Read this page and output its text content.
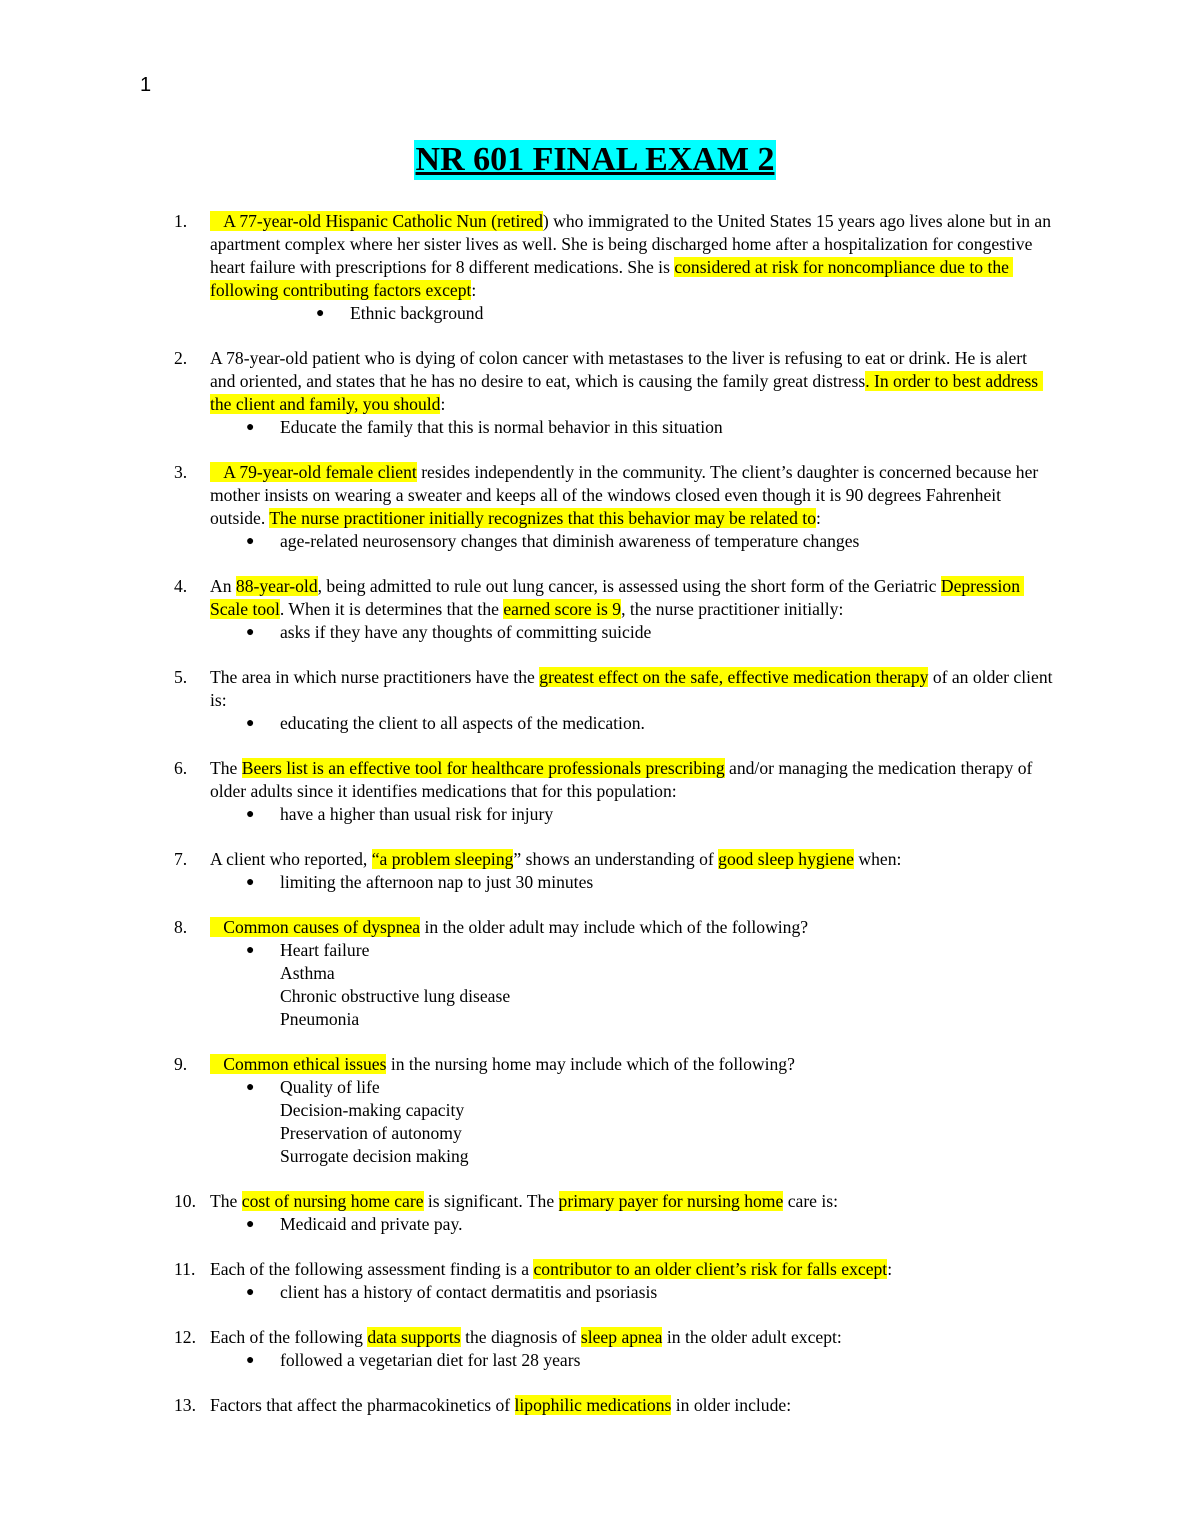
1
NR 601 FINAL EXAM 2
1. A 77-year-old Hispanic Catholic Nun (retired) who immigrated to the United States 15 years ago lives alone but in an apartment complex where her sister lives as well. She is being discharged home after a hospitalization for congestive heart failure with prescriptions for 8 different medications. She is considered at risk for noncompliance due to the following contributing factors except:
● Ethnic background
2. A 78-year-old patient who is dying of colon cancer with metastases to the liver is refusing to eat or drink. He is alert and oriented, and states that he has no desire to eat, which is causing the family great distress. In order to best address the client and family, you should:
● Educate the family that this is normal behavior in this situation
3. A 79-year-old female client resides independently in the community. The client’s daughter is concerned because her mother insists on wearing a sweater and keeps all of the windows closed even though it is 90 degrees Fahrenheit outside. The nurse practitioner initially recognizes that this behavior may be related to:
● age-related neurosensory changes that diminish awareness of temperature changes
4. An 88-year-old, being admitted to rule out lung cancer, is assessed using the short form of the Geriatric Depression Scale tool. When it is determines that the earned score is 9, the nurse practitioner initially:
● asks if they have any thoughts of committing suicide
5. The area in which nurse practitioners have the greatest effect on the safe, effective medication therapy of an older client is:
● educating the client to all aspects of the medication.
6. The Beers list is an effective tool for healthcare professionals prescribing and/or managing the medication therapy of older adults since it identifies medications that for this population:
● have a higher than usual risk for injury
7. A client who reported, “a problem sleeping” shows an understanding of good sleep hygiene when:
● limiting the afternoon nap to just 30 minutes
8. Common causes of dyspnea in the older adult may include which of the following?
● Heart failure
Asthma
Chronic obstructive lung disease
Pneumonia
9. Common ethical issues in the nursing home may include which of the following?
● Quality of life
Decision-making capacity
Preservation of autonomy
Surrogate decision making
10. The cost of nursing home care is significant. The primary payer for nursing home care is:
● Medicaid and private pay.
11. Each of the following assessment finding is a contributor to an older client’s risk for falls except:
● client has a history of contact dermatitis and psoriasis
12. Each of the following data supports the diagnosis of sleep apnea in the older adult except:
● followed a vegetarian diet for last 28 years
13. Factors that affect the pharmacokinetics of lipophilic medications in older include:
